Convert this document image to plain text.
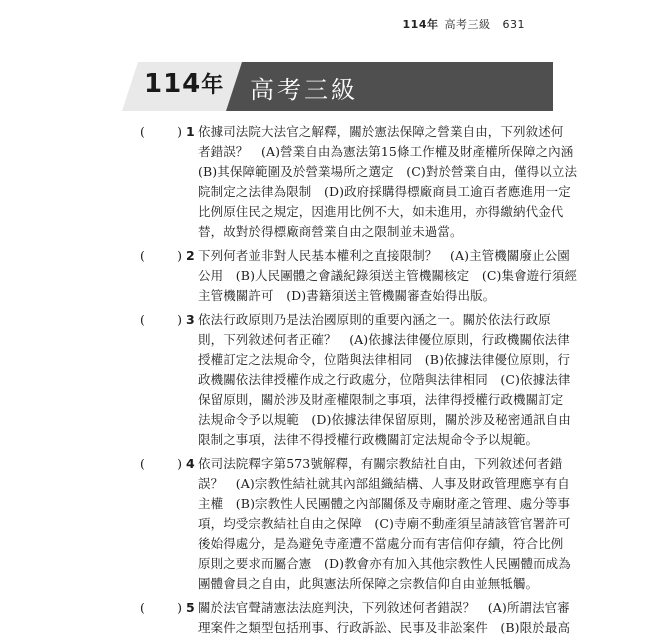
114年 高考三級 631
114年 高考三級
(	) 1 依據司法院大法官之解釋，關於憲法保障之營業自由，下列敘述何
者錯誤？　(A)營業自由為憲法第15條工作權及財產權所保障之內涵
(B)其保障範圍及於營業場所之選定　(C)對於營業自由，僅得以立法
院制定之法律為限制　(D)政府採購得標廠商員工逾百者應進用一定
比例原住民之規定，因進用比例不大，如未進用，亦得繳納代金代
替，故對於得標廠商營業自由之限制並未過當。
(	) 2 下列何者並非對人民基本權利之直接限制？　(A)主管機關廢止公園
公用　(B)人民團體之會議紀錄須送主管機關核定　(C)集會遊行須經
主管機關許可　(D)書籍須送主管機關審查始得出版。
(	) 3 依法行政原則乃是法治國原則的重要內涵之一。關於依法行政原
則，下列敘述何者正確？　(A)依據法律優位原則，行政機關依法律
授權訂定之法規命令，位階與法律相同　(B)依據法律優位原則，行
政機關依法律授權作成之行政處分，位階與法律相同　(C)依據法律
保留原則，關於涉及財產權限制之事項，法律得授權行政機關訂定
法規命令予以規範　(D)依據法律保留原則，關於涉及秘密通訊自由
限制之事項，法律不得授權行政機關訂定法規命令予以規範。
(	) 4 依司法院釋字第573號解釋，有關宗教結社自由，下列敘述何者錯
誤？　(A)宗教性結社就其內部組織結構、人事及財政管理應享有自
主權　(B)宗教性人民團體之內部關係及寺廟財產之管理、處分等事
項，均受宗教結社自由之保障　(C)寺廟不動產須呈請該管官署許可
後始得處分，是為避免寺產遭不當處分而有害信仰存續，符合比例
原則之要求而屬合憲　(D)教會亦有加入其他宗教性人民團體而成為
團體會員之自由，此與憲法所保障之宗教信仰自由並無牴觸。
(	) 5 關於法官聲請憲法法庭判決，下列敘述何者錯誤？　(A)所謂法官審
理案件之類型包括刑事、行政訴訟、民事及非訟案件　(B)限於最高
